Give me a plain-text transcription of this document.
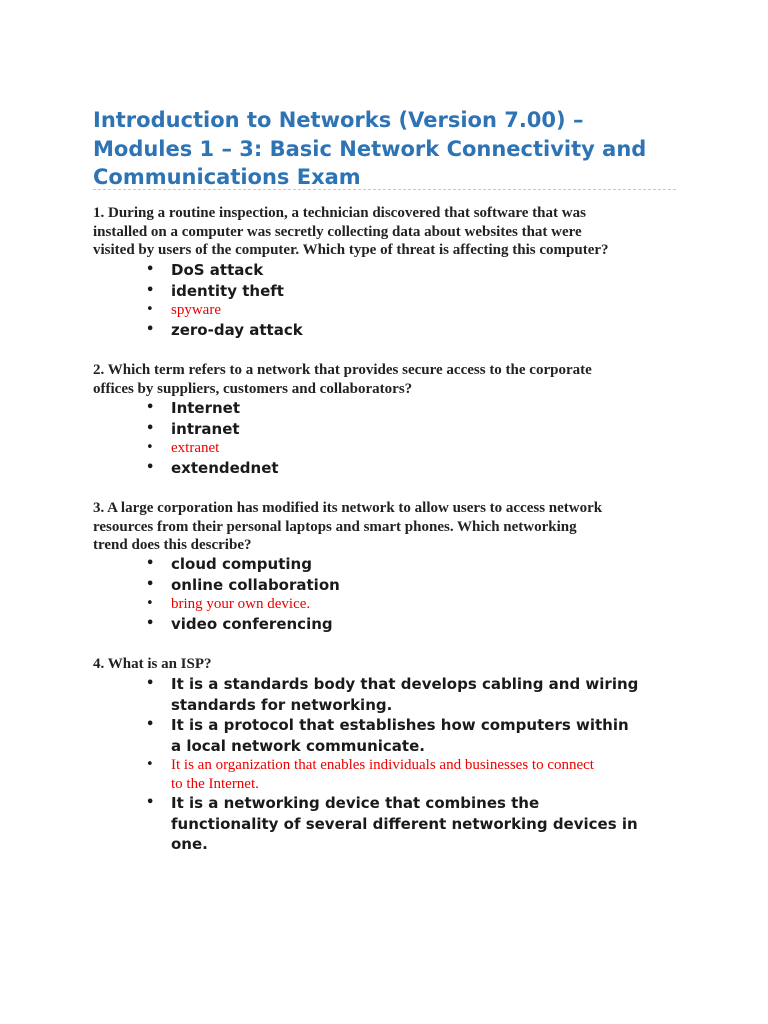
Introduction to Networks (Version 7.00) –
Modules 1 – 3: Basic Network Connectivity and
Communications Exam
1. During a routine inspection, a technician discovered that software that was
installed on a computer was secretly collecting data about websites that were
visited by users of the computer. Which type of threat is affecting this computer?
• DoS attack
• identity theft
• spyware
• zero-day attack
2. Which term refers to a network that provides secure access to the corporate
offices by suppliers, customers and collaborators?
• Internet
• intranet
• extranet
• extendednet
3. A large corporation has modified its network to allow users to access network
resources from their personal laptops and smart phones. Which networking
trend does this describe?
• cloud computing
• online collaboration
• bring your own device.
• video conferencing
4. What is an ISP?
• It is a standards body that develops cabling and wiring
standards for networking.
• It is a protocol that establishes how computers within
a local network communicate.
• It is an organization that enables individuals and businesses to connect
to the Internet.
• It is a networking device that combines the
functionality of several different networking devices in
one.
